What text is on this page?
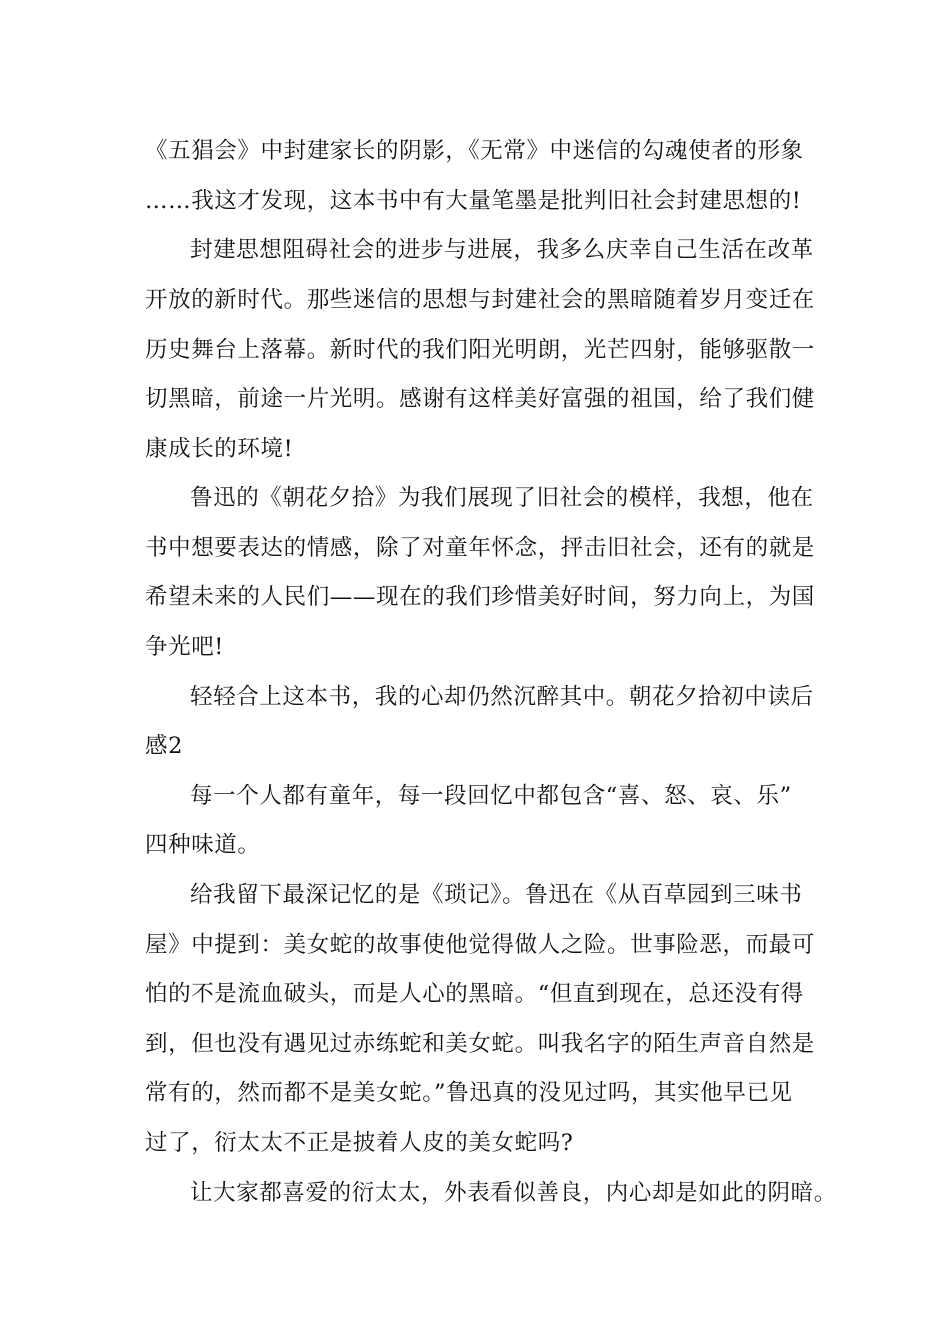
《五猖会》中封建家长的阴影，《无常》中迷信的勾魂使者的形象
……我这才发现，这本书中有大量笔墨是批判旧社会封建思想的!
封建思想阻碍社会的进步与进展，我多么庆幸自己生活在改革
开放的新时代。那些迷信的思想与封建社会的黑暗随着岁月变迁在
历史舞台上落幕。新时代的我们阳光明朗，光芒四射，能够驱散一
切黑暗，前途一片光明。感谢有这样美好富强的祖国，给了我们健
康成长的环境!
鲁迅的《朝花夕拾》为我们展现了旧社会的模样，我想，他在
书中想要表达的情感，除了对童年怀念，抨击旧社会，还有的就是
希望未来的人民们——现在的我们珍惜美好时间，努力向上，为国
争光吧!
轻轻合上这本书，我的心却仍然沉醉其中。朝花夕拾初中读后
感2
每一个人都有童年，每一段回忆中都包含“喜、怒、哀、乐”
四种味道。
给我留下最深记忆的是《琐记》。鲁迅在《从百草园到三味书
屋》中提到：美女蛇的故事使他觉得做人之险。世事险恶，而最可
怕的不是流血破头，而是人心的黑暗。“但直到现在，总还没有得
到，但也没有遇见过赤练蛇和美女蛇。叫我名字的陌生声音自然是
常有的，然而都不是美女蛇。”鲁迅真的没见过吗，其实他早已见
过了，衍太太不正是披着人皮的美女蛇吗?
让大家都喜爱的衍太太，外表看似善良，内心却是如此的阴暗。
